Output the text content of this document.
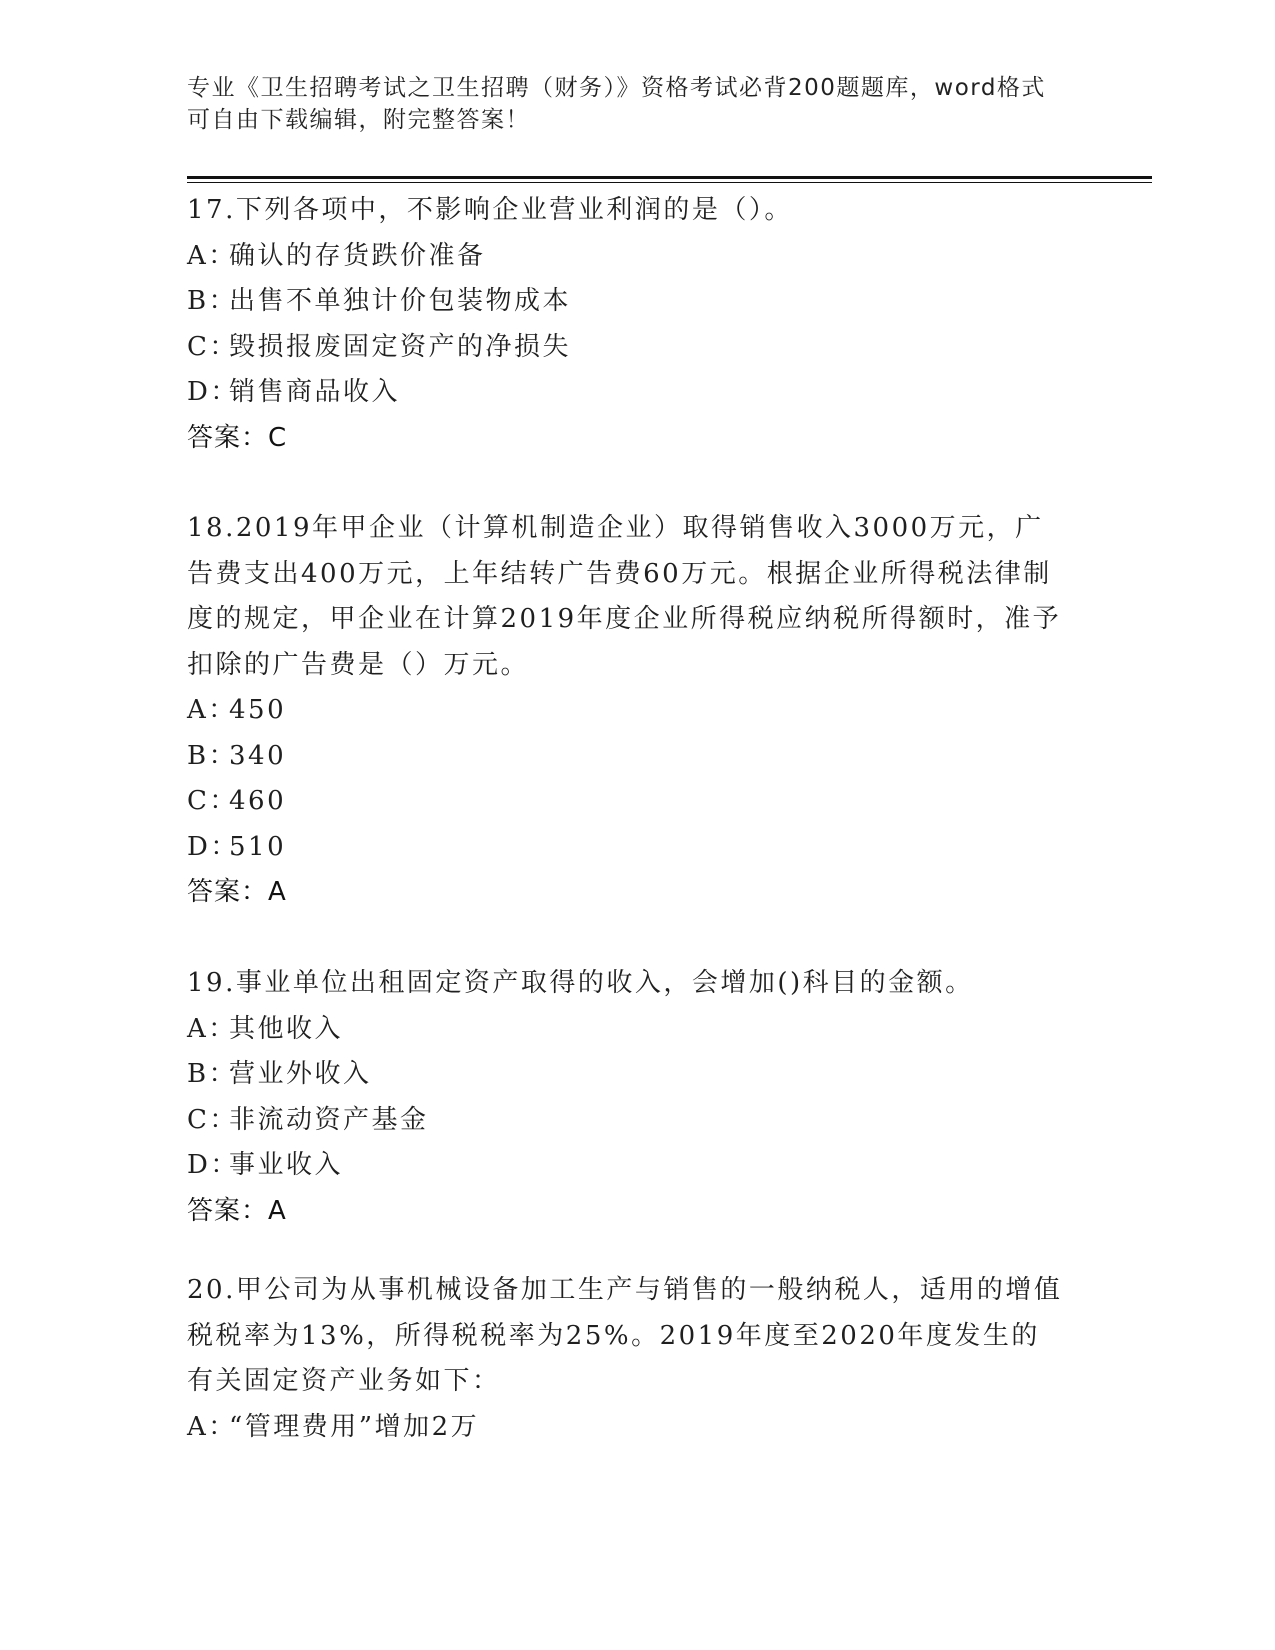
专业《卫生招聘考试之卫生招聘（财务）》资格考试必背200题题库，word格式

可自由下载编辑，附完整答案！

17.下列各项中，不影响企业营业利润的是（）。

A：确认的存货跌价准备

B：出售不单独计价包装物成本

C：毁损报废固定资产的净损失

D：销售商品收入

答案：C

18.2019年甲企业（计算机制造企业）取得销售收入3000万元，广告费支出400万元，上年结转广告费60万元。根据企业所得税法律制度的规定，甲企业在计算2019年度企业所得税应纳税所得额时，准予扣除的广告费是（）万元。

A：450

B：340

C：460

D：510

答案：A

19.事业单位出租固定资产取得的收入，会增加()科目的金额。

A：其他收入

B：营业外收入

C：非流动资产基金

D：事业收入

答案：A

20.甲公司为从事机械设备加工生产与销售的一般纳税人，适用的增值税税率为13%，所得税税率为25%。2019年度至2020年度发生的有关固定资产业务如下：

A：“管理费用”增加2万
